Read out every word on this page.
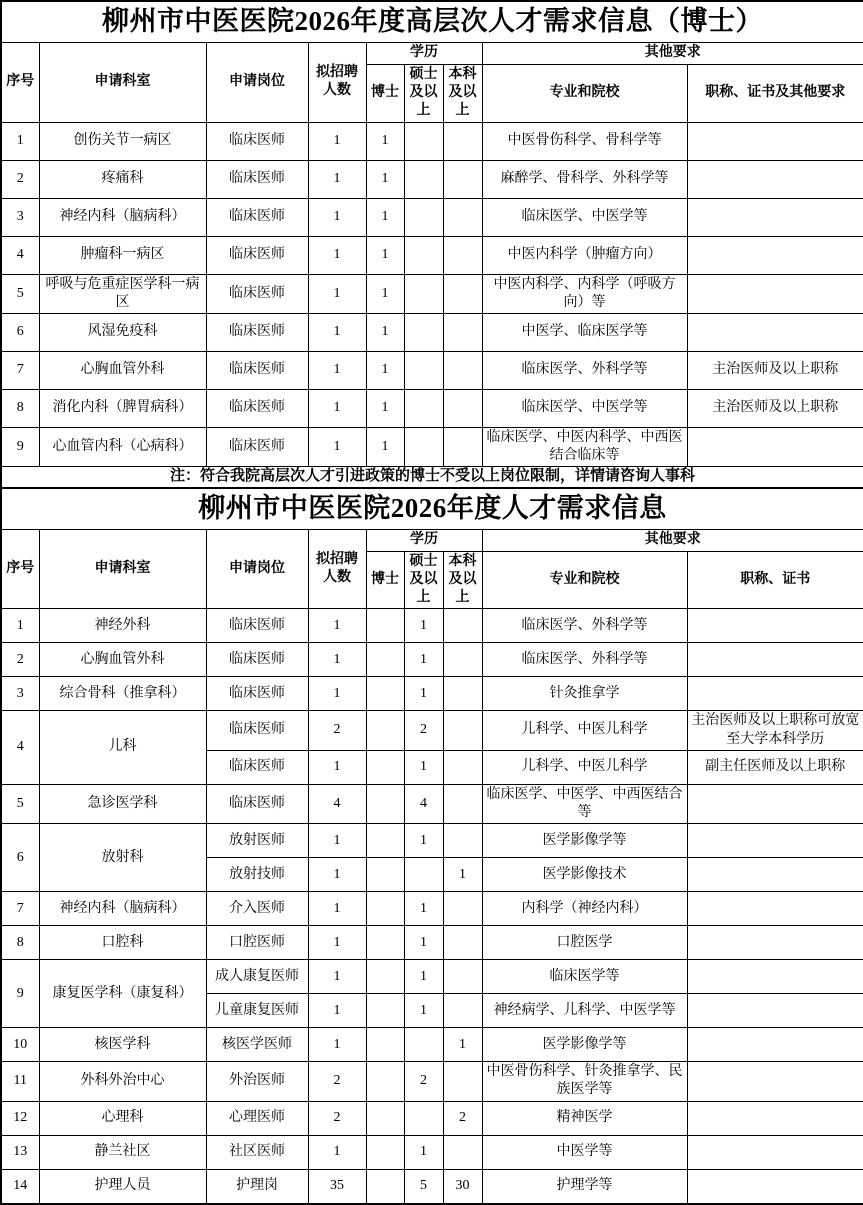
柳州市中医医院2026年度高层次人才需求信息（博士）								
序号	申请科室	申请岗位	拟招聘人数	学历			其他要求	
				博士	硕士及以上	本科及以上	专业和院校	职称、证书及其他要求
1	创伤关节一病区	临床医师	1	1			中医骨伤科学、骨科学等	
2	疼痛科	临床医师	1	1			麻醉学、骨科学、外科学等	
3	神经内科（脑病科）	临床医师	1	1			临床医学、中医学等	
4	肿瘤科一病区	临床医师	1	1			中医内科学（肿瘤方向）	
5	呼吸与危重症医学科一病区	临床医师	1	1			中医内科学、内科学（呼吸方向）等	
6	风湿免疫科	临床医师	1	1			中医学、临床医学等	
7	心胸血管外科	临床医师	1	1			临床医学、外科学等	主治医师及以上职称
8	消化内科（脾胃病科）	临床医师	1	1			临床医学、中医学等	主治医师及以上职称
9	心血管内科（心病科）	临床医师	1	1			临床医学、中医内科学、中西医结合临床等	
注：符合我院高层次人才引进政策的博士不受以上岗位限制，详情请咨询人事科								
柳州市中医医院2026年度人才需求信息								
序号	申请科室	申请岗位	拟招聘人数	学历			其他要求	
				博士	硕士及以上	本科及以上	专业和院校	职称、证书
1	神经外科	临床医师	1		1		临床医学、外科学等	
2	心胸血管外科	临床医师	1		1		临床医学、外科学等	
3	综合骨科（推拿科）	临床医师	1		1		针灸推拿学	
4	儿科	临床医师	2		2		儿科学、中医儿科学	主治医师及以上职称可放宽至大学本科学历
		临床医师	1		1		儿科学、中医儿科学	副主任医师及以上职称
5	急诊医学科	临床医师	4		4		临床医学、中医学、中西医结合等	
6	放射科	放射医师	1		1		医学影像学等	
		放射技师	1			1	医学影像技术	
7	神经内科（脑病科）	介入医师	1		1		内科学（神经内科）	
8	口腔科	口腔医师	1		1		口腔医学	
9	康复医学科（康复科）	成人康复医师	1		1		临床医学等	
		儿童康复医师	1		1		神经病学、儿科学、中医学等	
10	核医学科	核医学医师	1			1	医学影像学等	
11	外科外治中心	外治医师	2		2		中医骨伤科学、针灸推拿学、民族医学等	
12	心理科	心理医师	2			2	精神医学	
13	静兰社区	社区医师	1		1		中医学等	
14	护理人员	护理岗	35		5	30	护理学等	
